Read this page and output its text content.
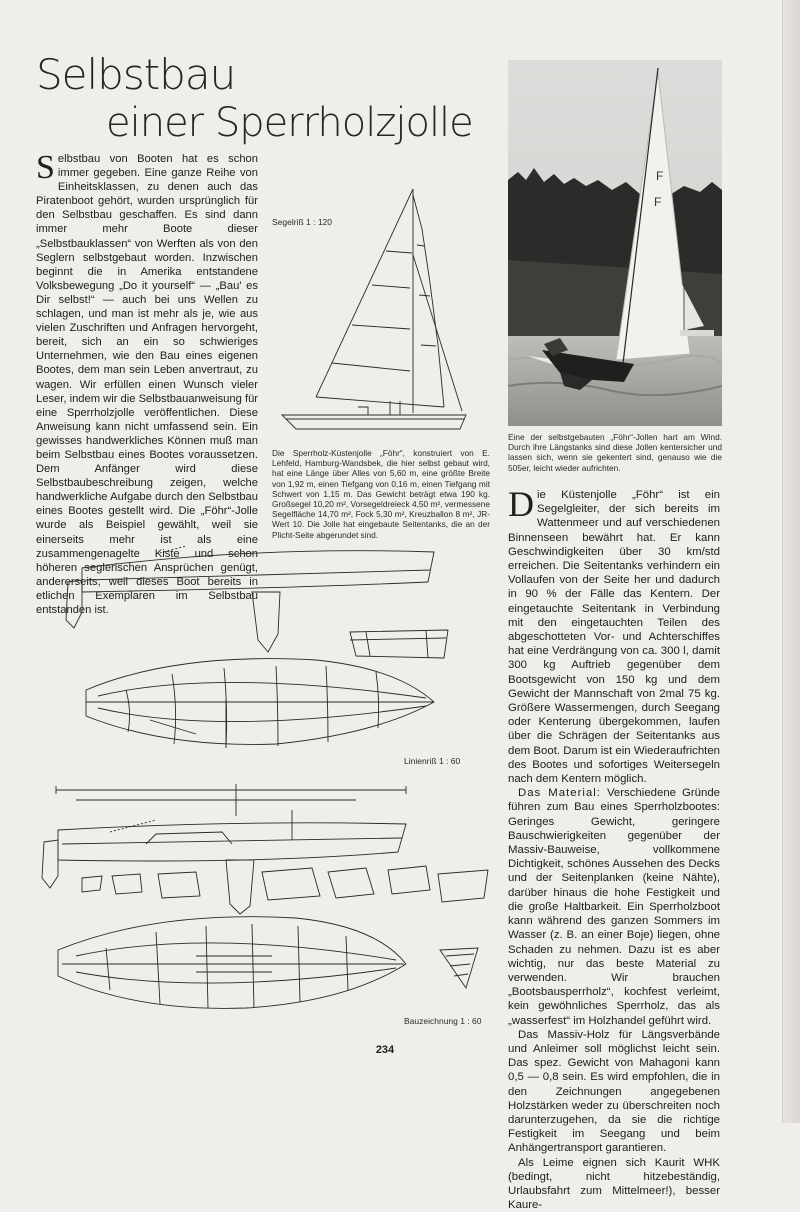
Selbstbau
einer Sperrholzjolle
Selbstbau von Booten hat es schon immer gegeben. Eine ganze Reihe von Einheitsklassen, zu denen auch das Piratenboot gehört, wurden ursprünglich für den Selbstbau geschaffen. Es sind dann immer mehr Boote dieser „Selbstbauklassen“ von Werften als von den Seglern selbstgebaut worden. Inzwischen beginnt die in Amerika entstandene Volksbewegung „Do it yourself“ — „Bau' es Dir selbst!“ — auch bei uns Wellen zu schlagen, und man ist mehr als je, wie aus vielen Zuschriften und Anfragen hervorgeht, bereit, sich an ein so schwieriges Unternehmen, wie den Bau eines eigenen Bootes, dem man sein Leben anvertraut, zu wagen. Wir erfüllen einen Wunsch vieler Leser, indem wir die Selbstbauanweisung für eine Sperrholzjolle veröffentlichen. Diese Anweisung kann nicht umfassend sein. Ein gewisses handwerkliches Können muß man beim Selbstbau eines Bootes voraussetzen. Dem Anfänger wird diese Selbstbaubeschreibung zeigen, welche handwerkliche Aufgabe durch den Selbstbau eines Bootes gestellt wird. Die „Föhr“-Jolle wurde als Beispiel gewählt, weil sie einerseits mehr ist als eine zusammengenagelte Kiste und schon höheren seglerischen Ansprüchen genügt, andererseits, weil dieses Boot bereits in etlichen Exemplaren im Selbstbau entstanden ist.
Segelriß 1 : 120
Die Sperrholz-Küstenjolle „Föhr“, konstruiert von E. Lehfeld, Hamburg-Wandsbek, die hier selbst gebaut wird, hat eine Länge über Alles von 5,60 m, eine größte Breite von 1,92 m, einen Tiefgang von 0,16 m, einen Tiefgang mit Schwert von 1,15 m. Das Gewicht beträgt etwa 190 kg. Großsegel 10,20 m², Vorsegeldreieck 4,50 m², vermessene Segelfläche 14,70 m², Fock 5,30 m², Kreuzballon 8 m², JR-Wert 10. Die Jolle hat eingebaute Seitentanks, die an der Plicht-Seite abgerundet sind.
F
F
Eine der selbstgebauten „Föhr“-Jollen hart am Wind. Durch ihre Längstanks sind diese Jollen kentersicher und lassen sich, wenn sie gekentert sind, genauso wie die 505er, leicht wieder aufrichten.
Linienriß 1 : 60
Bauzeichnung 1 : 60

Die Küstenjolle „Föhr“ ist ein Segelgleiter, der sich bereits im Wattenmeer und auf verschiedenen Binnenseen bewährt hat. Er kann Geschwindigkeiten über 30 km/std erreichen. Die Seitentanks verhindern ein Vollaufen von der Seite her und dadurch in 90 % der Fälle das Kentern. Der eingetauchte Seitentank in Verbindung mit den eingetauchten Teilen des abgeschotteten Vor- und Achterschiffes hat eine Verdrängung von ca. 300 l, damit 300 kg Auftrieb gegenüber dem Bootsgewicht von 150 kg und dem Gewicht der Mannschaft von 2mal 75 kg. Größere Wassermengen, durch Seegang oder Kenterung übergekommen, laufen über die Schrägen der Seitentanks aus dem Boot. Darum ist ein Wiederaufrichten des Bootes und sofortiges Weitersegeln nach dem Kentern möglich.

Das Material: Verschiedene Gründe führen zum Bau eines Sperrholzbootes: Geringes Gewicht, geringere Bauschwierigkeiten gegenüber der Massiv-Bauweise, vollkommene Dichtigkeit, schönes Aussehen des Decks und der Seitenplanken (keine Nähte), darüber hinaus die hohe Festigkeit und die große Haltbarkeit. Ein Sperrholzboot kann während des ganzen Sommers im Wasser (z. B. an einer Boje) liegen, ohne Schaden zu nehmen. Dazu ist es aber wichtig, nur das beste Material zu verwenden. Wir brauchen „Bootsbausperrholz“, kochfest verleimt, kein gewöhnliches Sperrholz, das als „wasserfest“ im Holzhandel geführt wird.

Das Massiv-Holz für Längsverbände und Anleimer soll möglichst leicht sein. Das spez. Gewicht von Mahagoni kann 0,5 — 0,8 sein. Es wird empfohlen, die in den Zeichnungen angegebenen Holzstärken weder zu überschreiten noch darunterzugehen, da sie die richtige Festigkeit im Seegang und beim Anhängertransport garantieren.

Als Leime eignen sich Kaurit WHK (bedingt, nicht hitzebeständig, Urlaubsfahrt zum Mittelmeer!), besser Kaure-

234
